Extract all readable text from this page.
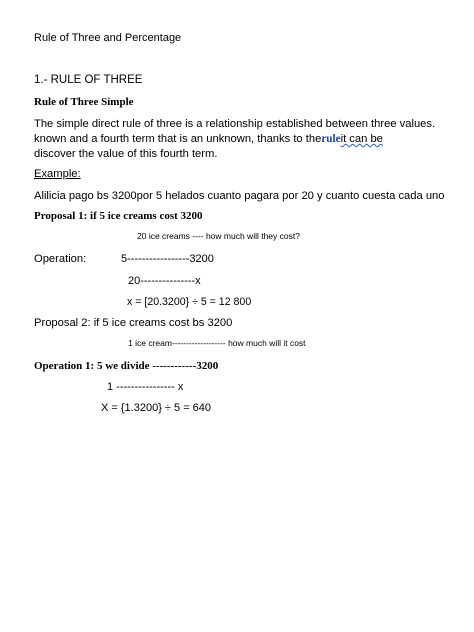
Rule of Three and Percentage
1.- RULE OF THREE
Rule of Three Simple
The simple direct rule of three is a relationship established between three values.
known and a fourth term that is an unknown, thanks to theruleit can be
discover the value of this fourth term.
Example:
Alilicia pago bs 3200por 5 helados cuanto pagara por 20 y cuanto cuesta cada uno
Proposal 1: if 5 ice creams cost 3200
20 ice creams ---- how much will they cost?
Operation:	5-----------------3200
20---------------x
x = [20.3200} ÷ 5 = 12 800
Proposal 2: if 5 ice creams cost bs 3200
1 ice cream------------------- how much will it cost
Operation 1: 5 we divide ------------3200
1 ---------------- x
X = {1.3200} ÷ 5 = 640
